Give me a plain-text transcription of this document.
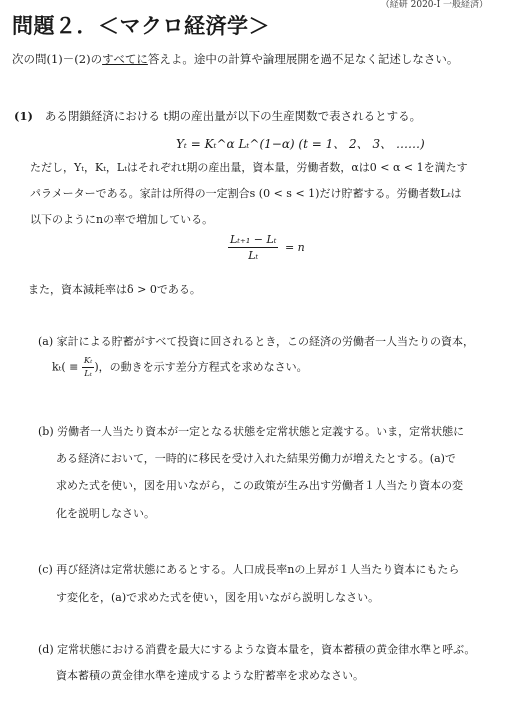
（経研 2020-I 一般経済）
問題２．＜マクロ経済学＞
次の問(1)－(2)のすべてに答えよ。途中の計算や論理展開を過不足なく記述しなさい。
(1) ある閉鎖経済における t期の産出量が以下の生産関数で表されるとする。
Yₜ = Kₜ^α Lₜ^(1−α) (t = 1、 2、 3、 ……)
ただし，Yₜ，Kₜ，Lₜはそれぞれt期の産出量，資本量，労働者数，αは0 < α < 1を満たす
パラメーターである。家計は所得の一定割合s (0 < s < 1)だけ貯蓄する。労働者数Lₜは
以下のようにnの率で増加している。
$\frac{\text{Lₜ₊₁ − Lₜ}}{\text{Lₜ}} = n$
また，資本減耗率はδ > 0である。
(a) 家計による貯蓄がすべて投資に回されるとき，この経済の労働者一人当たりの資本，
$k_t( \equiv \frac{\text{Kₜ}}{\text{Lₜ}}$ )，の動きを示す差分方程式を求めなさい。
(b) 労働者一人当たり資本が一定となる状態を定常状態と定義する。いま，定常状態に
ある経済において，一時的に移民を受け入れた結果労働力が増えたとする。(a)で
求めた式を使い，図を用いながら，この政策が生み出す労働者１人当たり資本の変
化を説明しなさい。
(c) 再び経済は定常状態にあるとする。人口成長率nの上昇が１人当たり資本にもたら
す変化を，(a)で求めた式を使い，図を用いながら説明しなさい。
(d) 定常状態における消費を最大にするような資本量を，資本蓄積の黄金律水準と呼ぶ。
資本蓄積の黄金律水準を達成するような貯蓄率を求めなさい。
